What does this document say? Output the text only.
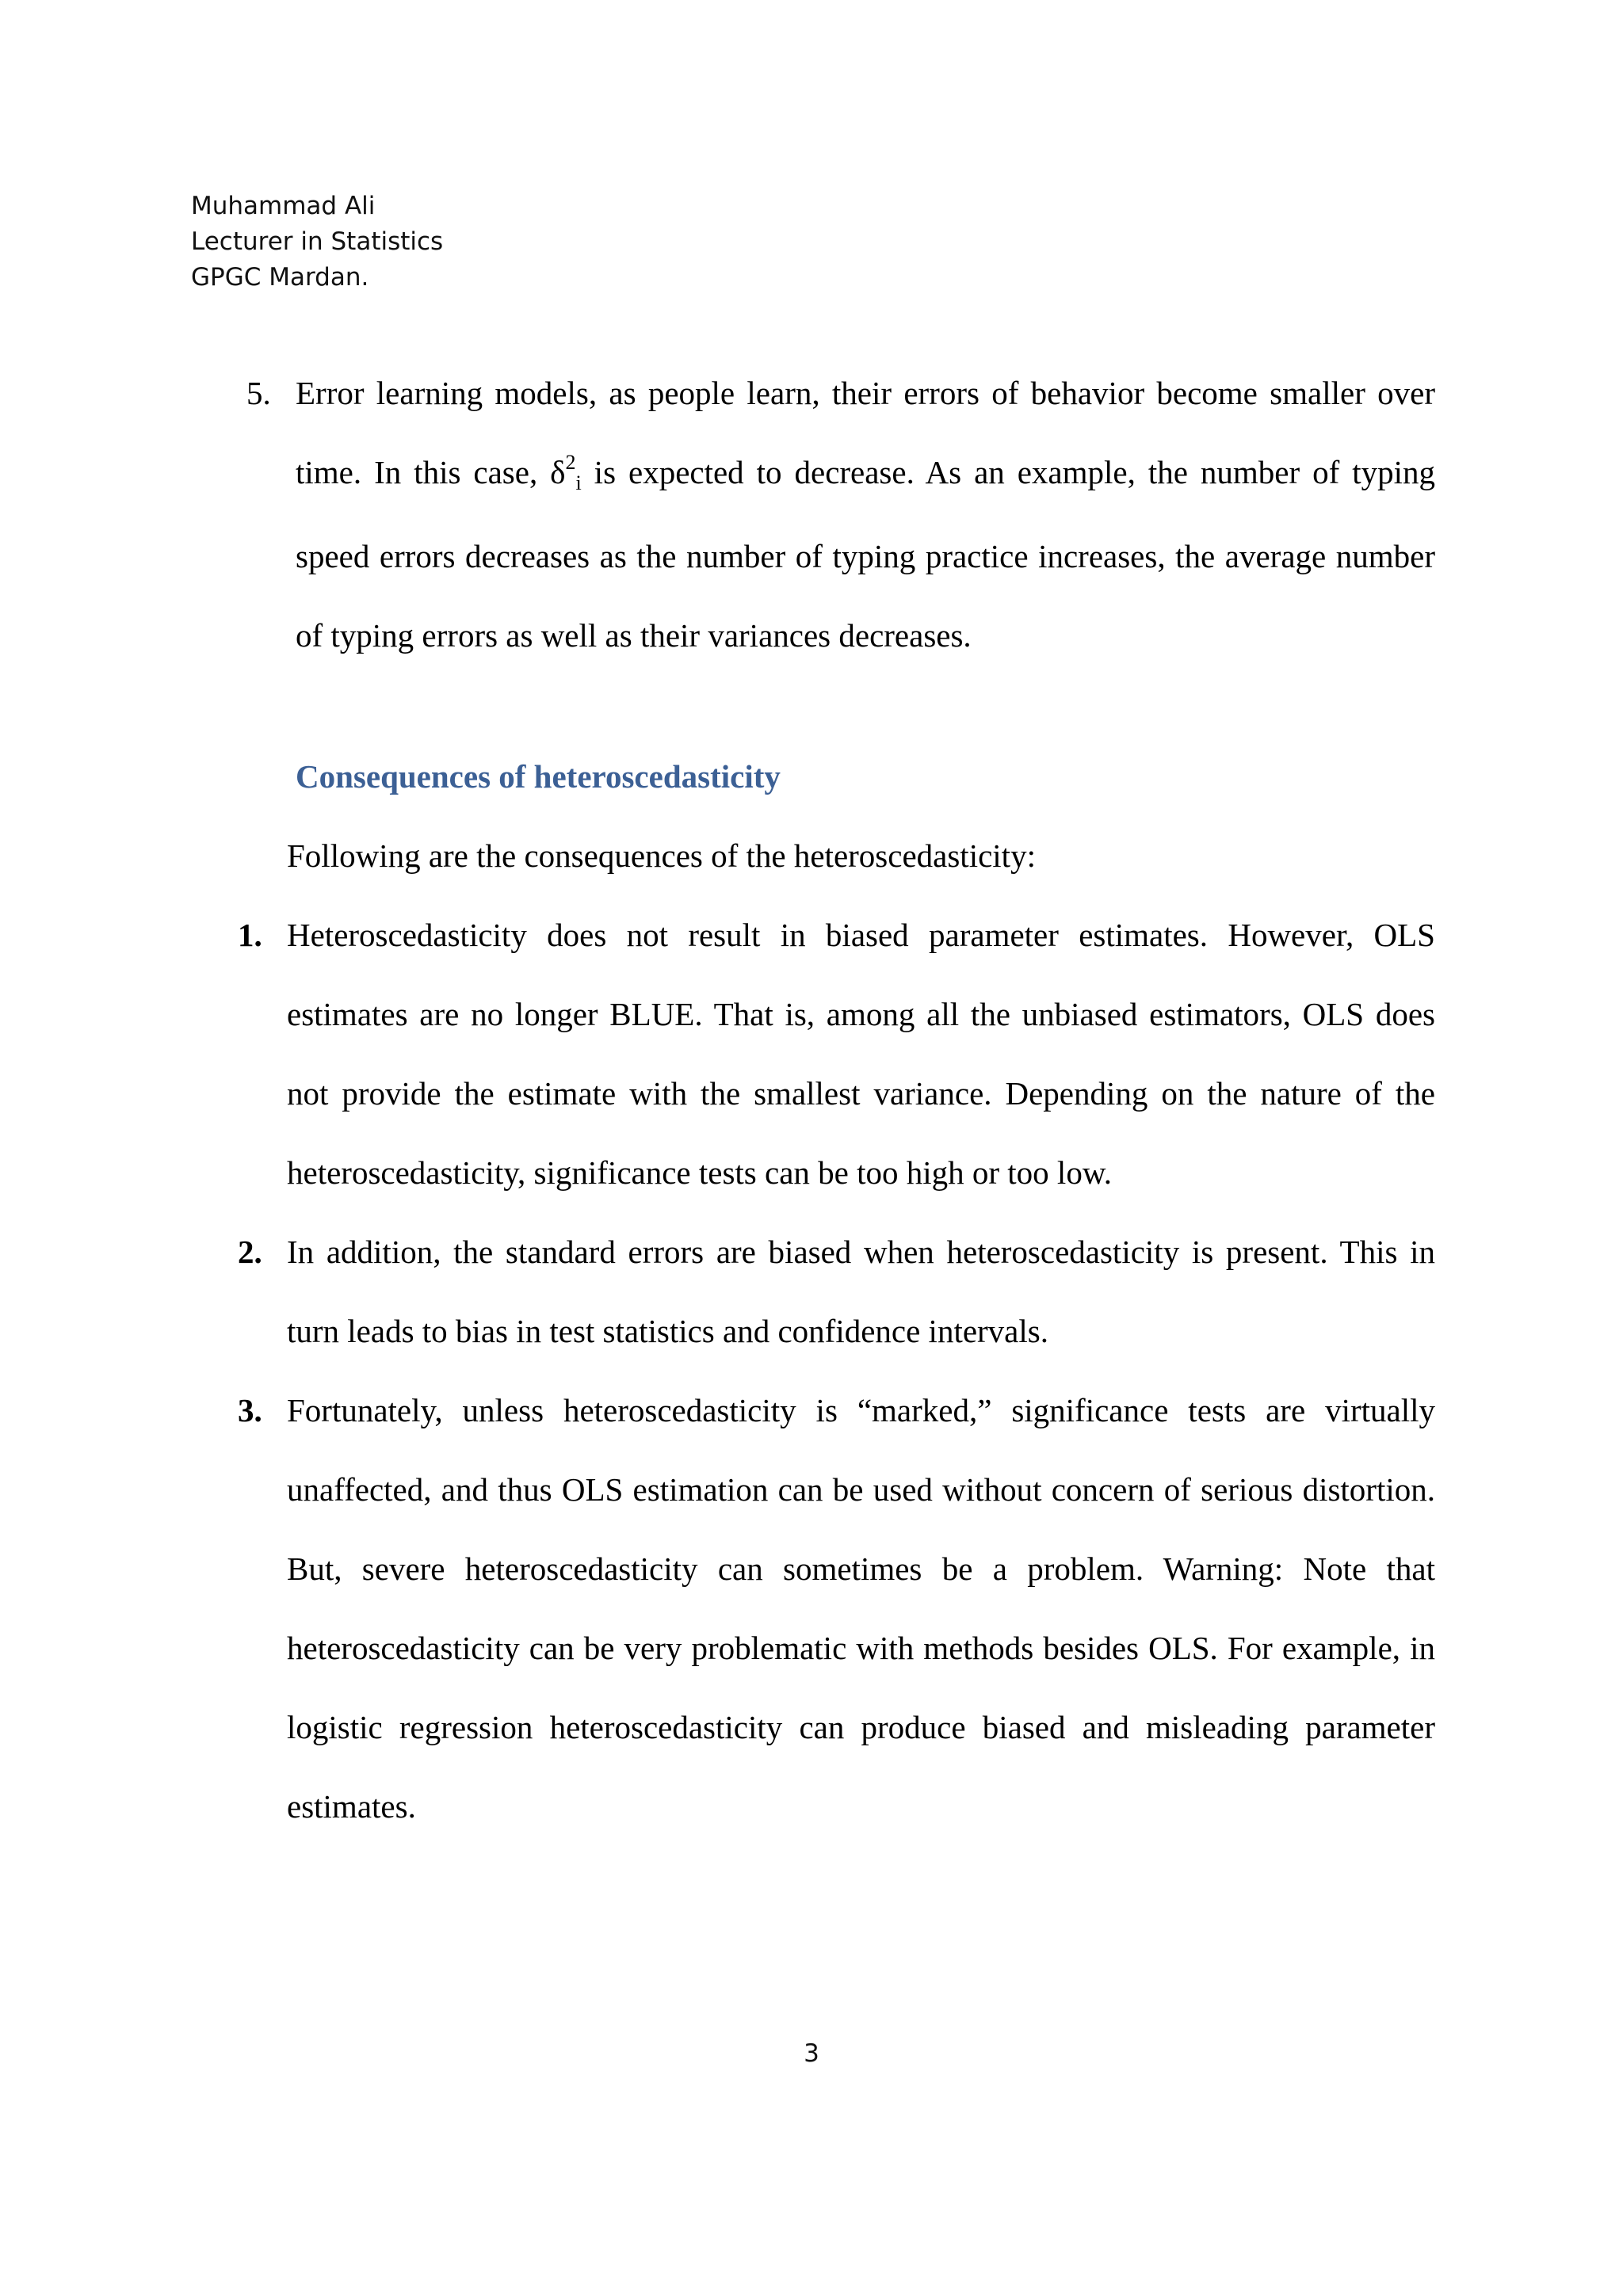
Muhammad Ali
Lecturer in Statistics
GPGC Mardan.
5. Error learning models, as people learn, their errors of behavior become smaller over time. In this case, $\delta^2i$ is expected to decrease. As an example, the number of typing speed errors decreases as the number of typing practice increases, the average number of typing errors as well as their variances decreases.
Consequences of heteroscedasticity
Following are the consequences of the heteroscedasticity:
1. Heteroscedasticity does not result in biased parameter estimates. However, OLS estimates are no longer BLUE. That is, among all the unbiased estimators, OLS does not provide the estimate with the smallest variance. Depending on the nature of the heteroscedasticity, significance tests can be too high or too low.
2. In addition, the standard errors are biased when heteroscedasticity is present. This in turn leads to bias in test statistics and confidence intervals.
3. Fortunately, unless heteroscedasticity is “marked,” significance tests are virtually unaffected, and thus OLS estimation can be used without concern of serious distortion. But, severe heteroscedasticity can sometimes be a problem. Warning: Note that heteroscedasticity can be very problematic with methods besides OLS. For example, in logistic regression heteroscedasticity can produce biased and misleading parameter estimates.
3
